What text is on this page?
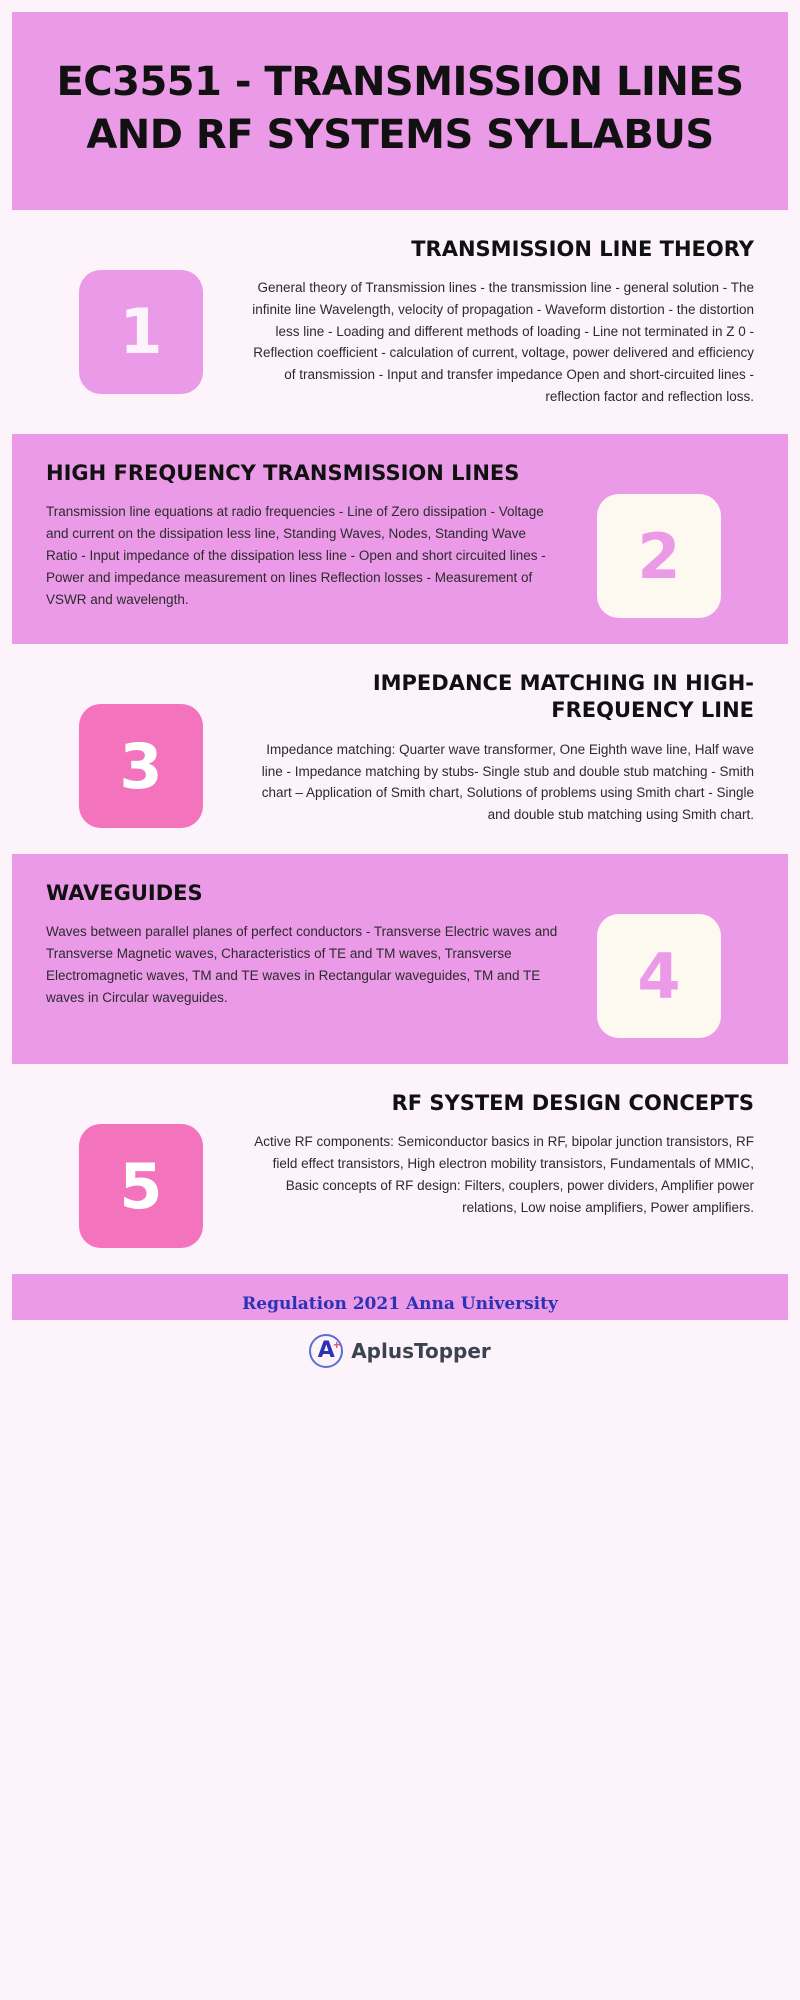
EC3551 - TRANSMISSION LINES AND RF SYSTEMS SYLLABUS
1
TRANSMISSION LINE THEORY

General theory of Transmission lines - the transmission line - general solution - The infinite line Wavelength, velocity of propagation - Waveform distortion - the distortion less line - Loading and different methods of loading - Line not terminated in Z 0 - Reflection coefficient - calculation of current, voltage, power delivered and efficiency of transmission - Input and transfer impedance Open and short-circuited lines - reflection factor and reflection loss.

2
HIGH FREQUENCY TRANSMISSION LINES

Transmission line equations at radio frequencies - Line of Zero dissipation - Voltage and current on the dissipation less line, Standing Waves, Nodes, Standing Wave Ratio - Input impedance of the dissipation less line - Open and short circuited lines - Power and impedance measurement on lines Reflection losses - Measurement of VSWR and wavelength.

3
IMPEDANCE MATCHING IN HIGH-FREQUENCY LINE

Impedance matching: Quarter wave transformer, One Eighth wave line, Half wave line - Impedance matching by stubs- Single stub and double stub matching - Smith chart – Application of Smith chart, Solutions of problems using Smith chart - Single and double stub matching using Smith chart.

4
WAVEGUIDES

Waves between parallel planes of perfect conductors - Transverse Electric waves and Transverse Magnetic waves, Characteristics of TE and TM waves, Transverse Electromagnetic waves, TM and TE waves in Rectangular waveguides, TM and TE waves in Circular waveguides.

5
RF SYSTEM DESIGN CONCEPTS

Active RF components: Semiconductor basics in RF, bipolar junction transistors, RF field effect transistors, High electron mobility transistors, Fundamentals of MMIC, Basic concepts of RF design: Filters, couplers, power dividers, Amplifier power relations, Low noise amplifiers, Power amplifiers.

Regulation 2021 Anna University

A
+ AplusTopper
